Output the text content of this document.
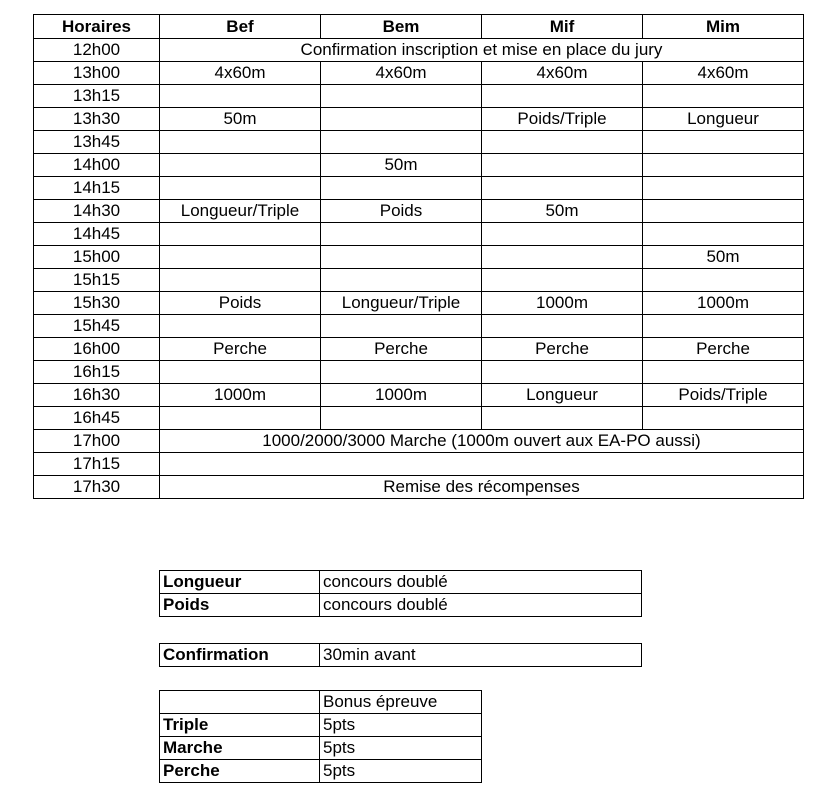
Horaires	Bef	Bem	Mif	Mim
12h00	Confirmation inscription et mise en place du jury			
13h00	4x60m	4x60m	4x60m	4x60m
13h15				
13h30	50m		Poids/Triple	Longueur
13h45				
14h00		50m		
14h15				
14h30	Longueur/Triple	Poids	50m	
14h45				
15h00				50m
15h15				
15h30	Poids	Longueur/Triple	1000m	1000m
15h45				
16h00	Perche	Perche	Perche	Perche
16h15				
16h30	1000m	1000m	Longueur	Poids/Triple
16h45				
17h00	1000/2000/3000 Marche (1000m ouvert aux EA-PO aussi)			
17h15				
17h30	Remise des récompenses			
Longueur	concours doublé
Poids	concours doublé
Confirmation	30min avant
	Bonus épreuve
Triple	5pts
Marche	5pts
Perche	5pts
